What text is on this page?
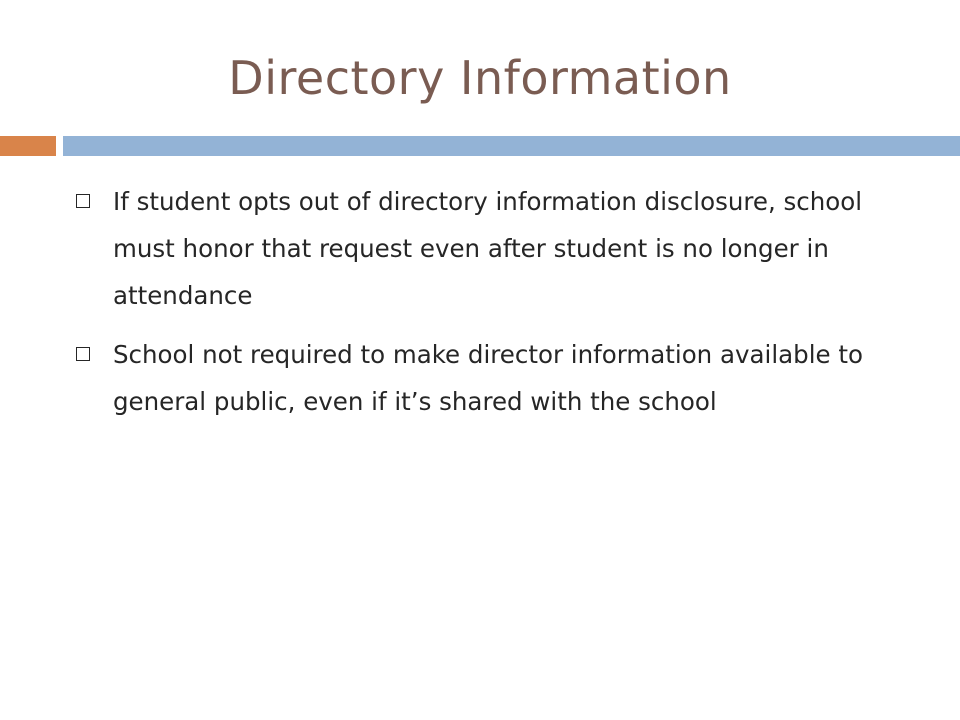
Directory Information
If student opts out of directory information disclosure, school must honor that request even after student is no longer in attendance
School not required to make director information available to general public, even if it’s shared with the school
